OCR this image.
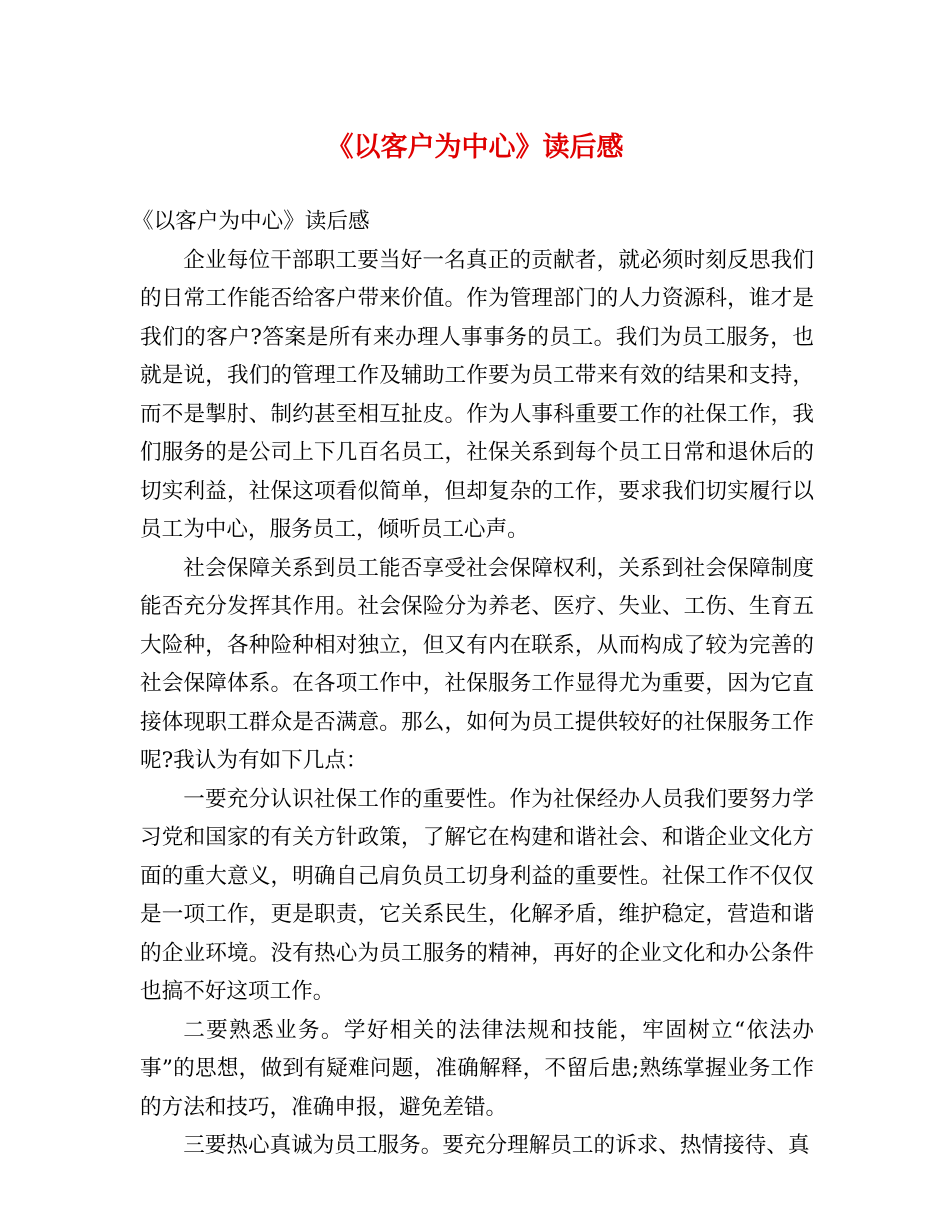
《以客户为中心》读后感

《以客户为中心》读后感

企业每位干部职工要当好一名真正的贡献者，就必须时刻反思我们的日常工作能否给客户带来价值。作为管理部门的人力资源科，谁才是我们的客户?答案是所有来办理人事事务的员工。我们为员工服务，也就是说，我们的管理工作及辅助工作要为员工带来有效的结果和支持，而不是掣肘、制约甚至相互扯皮。作为人事科重要工作的社保工作，我们服务的是公司上下几百名员工，社保关系到每个员工日常和退休后的切实利益，社保这项看似简单，但却复杂的工作，要求我们切实履行以员工为中心，服务员工，倾听员工心声。

社会保障关系到员工能否享受社会保障权利，关系到社会保障制度能否充分发挥其作用。社会保险分为养老、医疗、失业、工伤、生育五大险种，各种险种相对独立，但又有内在联系，从而构成了较为完善的社会保障体系。在各项工作中，社保服务工作显得尤为重要，因为它直接体现职工群众是否满意。那么，如何为员工提供较好的社保服务工作呢?我认为有如下几点：

一要充分认识社保工作的重要性。作为社保经办人员我们要努力学习党和国家的有关方针政策，了解它在构建和谐社会、和谐企业文化方面的重大意义，明确自己肩负员工切身利益的重要性。社保工作不仅仅是一项工作，更是职责，它关系民生，化解矛盾，维护稳定，营造和谐的企业环境。没有热心为员工服务的精神，再好的企业文化和办公条件也搞不好这项工作。

二要熟悉业务。学好相关的法律法规和技能，牢固树立“依法办事”的思想，做到有疑难问题，准确解释，不留后患;熟练掌握业务工作的方法和技巧，准确申报，避免差错。

三要热心真诚为员工服务。要充分理解员工的诉求、热情接待、真
